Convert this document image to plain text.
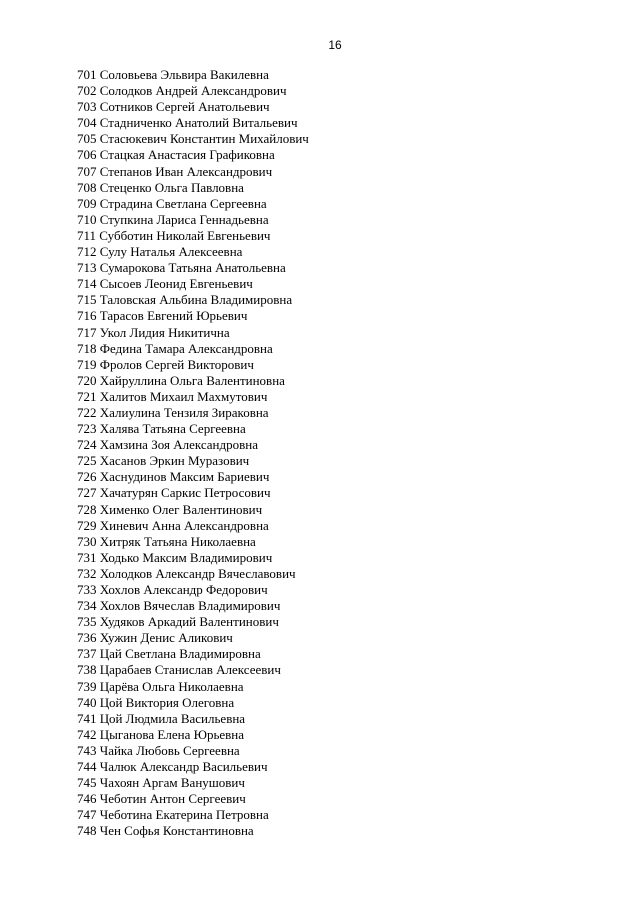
16
701 Соловьева Эльвира Вакилевна
702 Солодков Андрей Александрович
703 Сотников Сергей Анатольевич
704 Стадниченко Анатолий Витальевич
705 Стасюкевич Константин Михайлович
706 Стацкая Анастасия Графиковна
707 Степанов Иван Александрович
708 Стеценко Ольга Павловна
709 Страдина Светлана Сергеевна
710 Ступкина Лариса Геннадьевна
711 Субботин Николай Евгеньевич
712 Сулу Наталья Алексеевна
713 Сумарокова Татьяна Анатольевна
714 Сысоев Леонид Евгеньевич
715 Таловская Альбина Владимировна
716 Тарасов Евгений Юрьевич
717 Укол Лидия Никитична
718 Федина Тамара Александровна
719 Фролов Сергей Викторович
720 Хайруллина Ольга Валентиновна
721 Халитов Михаил Махмутович
722 Халиулина Тензиля Зираковна
723 Халява Татьяна Сергеевна
724 Хамзина Зоя Александровна
725 Хасанов Эркин Муразович
726 Хаснудинов Максим Бариевич
727 Хачатурян Саркис Петросович
728 Хименко Олег Валентинович
729 Хиневич Анна Александровна
730 Хитряк Татьяна Николаевна
731 Ходько Максим Владимирович
732 Холодков Александр Вячеславович
733 Хохлов Александр Федорович
734 Хохлов Вячеслав Владимирович
735 Худяков Аркадий Валентинович
736 Хужин Денис Аликович
737 Цай Светлана Владимировна
738 Царабаев Станислав Алексеевич
739 Царёва Ольга Николаевна
740 Цой Виктория Олеговна
741 Цой Людмила Васильевна
742 Цыганова Елена Юрьевна
743 Чайка Любовь Сергеевна
744 Чалюк Александр Васильевич
745 Чахоян Аргам Ванушович
746 Чеботин Антон Сергеевич
747 Чеботина Екатерина Петровна
748 Чен Софья Константиновна
